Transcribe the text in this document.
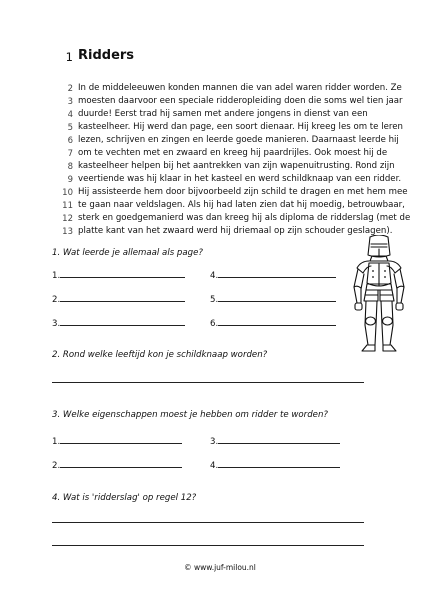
1 Ridders
2 In de middeleeuwen konden mannen die van adel waren ridder worden. Ze
3 moesten daarvoor een speciale ridderopleiding doen die soms wel tien jaar
4 duurde! Eerst trad hij samen met andere jongens in dienst van een
5 kasteelheer. Hij werd dan page, een soort dienaar. Hij kreeg les om te leren
6 lezen, schrijven en zingen en leerde goede manieren. Daarnaast leerde hij
7 om te vechten met en zwaard en kreeg hij paardrijles. Ook moest hij de
8 kasteelheer helpen bij het aantrekken van zijn wapenuitrusting. Rond zijn
9 veertiende was hij klaar in het kasteel en werd schildknaap van een ridder.
10 Hij assisteerde hem door bijvoorbeeld zijn schild te dragen en met hem mee
11 te gaan naar veldslagen. Als hij had laten zien dat hij moedig, betrouwbaar,
12 sterk en goedgemanierd was dan kreeg hij als diploma de ridderslag (met de
13 platte kant van het zwaard werd hij driemaal op zijn schouder geslagen).
1. Wat leerde je allemaal als page?
1.	4.
2.	5.
3.	6.
2. Rond welke leeftijd kon je schildknaap worden?
3. Welke eigenschappen moest je hebben om ridder te worden?
1.	3.
2.	4.
4. Wat is 'ridderslag' op regel 12?
© www.juf-milou.nl
